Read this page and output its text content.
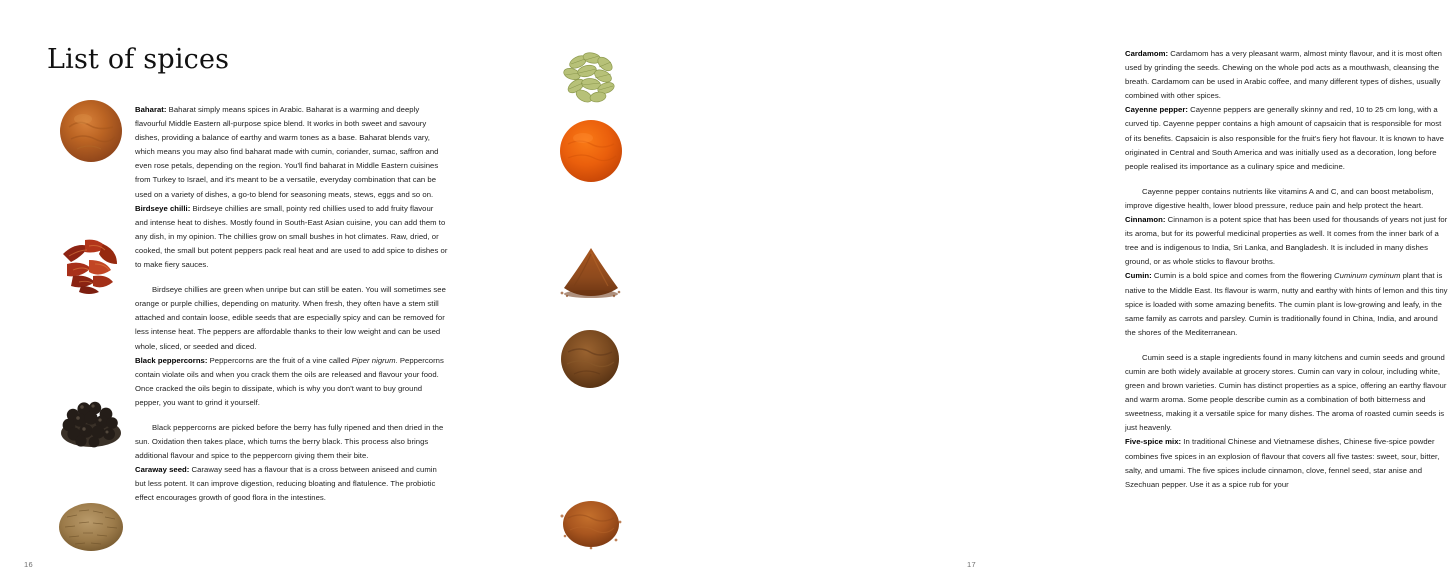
List of spices

Baharat: Baharat simply means spices in Arabic. Baharat is a warming and deeply flavourful Middle Eastern all-purpose spice blend. It works in both sweet and savoury dishes, providing a balance of earthy and warm tones as a base. Baharat blends vary, which means you may also find baharat made with cumin, coriander, sumac, saffron and even rose petals, depending on the region. You'll find baharat in Middle Eastern cuisines from Turkey to Israel, and it's meant to be a versatile, everyday combination that can be used on a variety of dishes, a go-to blend for seasoning meats, stews, eggs and so on.

Birdseye chilli: Birdseye chillies are small, pointy red chillies used to add fruity flavour and intense heat to dishes. Mostly found in South-East Asian cuisine, you can add them to any dish, in my opinion. The chillies grow on small bushes in hot climates. Raw, dried, or cooked, the small but potent peppers pack real heat and are used to add spice to dishes or to make fiery sauces.

Birdseye chillies are green when unripe but can still be eaten. You will sometimes see orange or purple chillies, depending on maturity. When fresh, they often have a stem still attached and contain loose, edible seeds that are especially spicy and can be removed for less intense heat. The peppers are affordable thanks to their low weight and can be used whole, sliced, or seeded and diced.

Black peppercorns: Peppercorns are the fruit of a vine called Piper nigrum. Peppercorns contain violate oils and when you crack them the oils are released and flavour your food. Once cracked the oils begin to dissipate, which is why you don't want to buy ground pepper, you want to grind it yourself.

Black peppercorns are picked before the berry has fully ripened and then dried in the sun. Oxidation then takes place, which turns the berry black. This process also brings additional flavour and spice to the peppercorn giving them their bite.

Caraway seed: Caraway seed has a flavour that is a cross between aniseed and cumin but less potent. It can improve digestion, reducing bloating and flatulence. The probiotic effect encourages growth of good flora in the intestines.

16

Cardamom: Cardamom has a very pleasant warm, almost minty flavour, and it is most often used by grinding the seeds. Chewing on the whole pod acts as a mouthwash, cleansing the breath. Cardamom can be used in Arabic coffee, and many different types of dishes, usually combined with other spices.

Cayenne pepper: Cayenne peppers are generally skinny and red, 10 to 25 cm long, with a curved tip. Cayenne pepper contains a high amount of capsaicin that is responsible for most of its benefits. Capsaicin is also responsible for the fruit's fiery hot flavour. It is known to have originated in Central and South America and was initially used as a decoration, long before people realised its importance as a culinary spice and medicine.

Cayenne pepper contains nutrients like vitamins A and C, and can boost metabolism, improve digestive health, lower blood pressure, reduce pain and help protect the heart.

Cinnamon: Cinnamon is a potent spice that has been used for thousands of years not just for its aroma, but for its powerful medicinal properties as well. It comes from the inner bark of a tree and is indigenous to India, Sri Lanka, and Bangladesh. It is included in many dishes ground, or as whole sticks to flavour broths.

Cumin: Cumin is a bold spice and comes from the flowering Cuminum cyminum plant that is native to the Middle East. Its flavour is warm, nutty and earthy with hints of lemon and this tiny spice is loaded with some amazing benefits. The cumin plant is low-growing and leafy, in the same family as carrots and parsley. Cumin is traditionally found in China, India, and around the shores of the Mediterranean.

Cumin seed is a staple ingredients found in many kitchens and cumin seeds and ground cumin are both widely available at grocery stores. Cumin can vary in colour, including white, green and brown varieties. Cumin has distinct properties as a spice, offering an earthy flavour and warm aroma. Some people describe cumin as a combination of both bitterness and sweetness, making it a versatile spice for many dishes. The aroma of roasted cumin seeds is just heavenly.

Five-spice mix: In traditional Chinese and Vietnamese dishes, Chinese five-spice powder combines five spices in an explosion of flavour that covers all five tastes: sweet, sour, bitter, salty, and umami. The five spices include cinnamon, clove, fennel seed, star anise and Szechuan pepper. Use it as a spice rub for your

17
